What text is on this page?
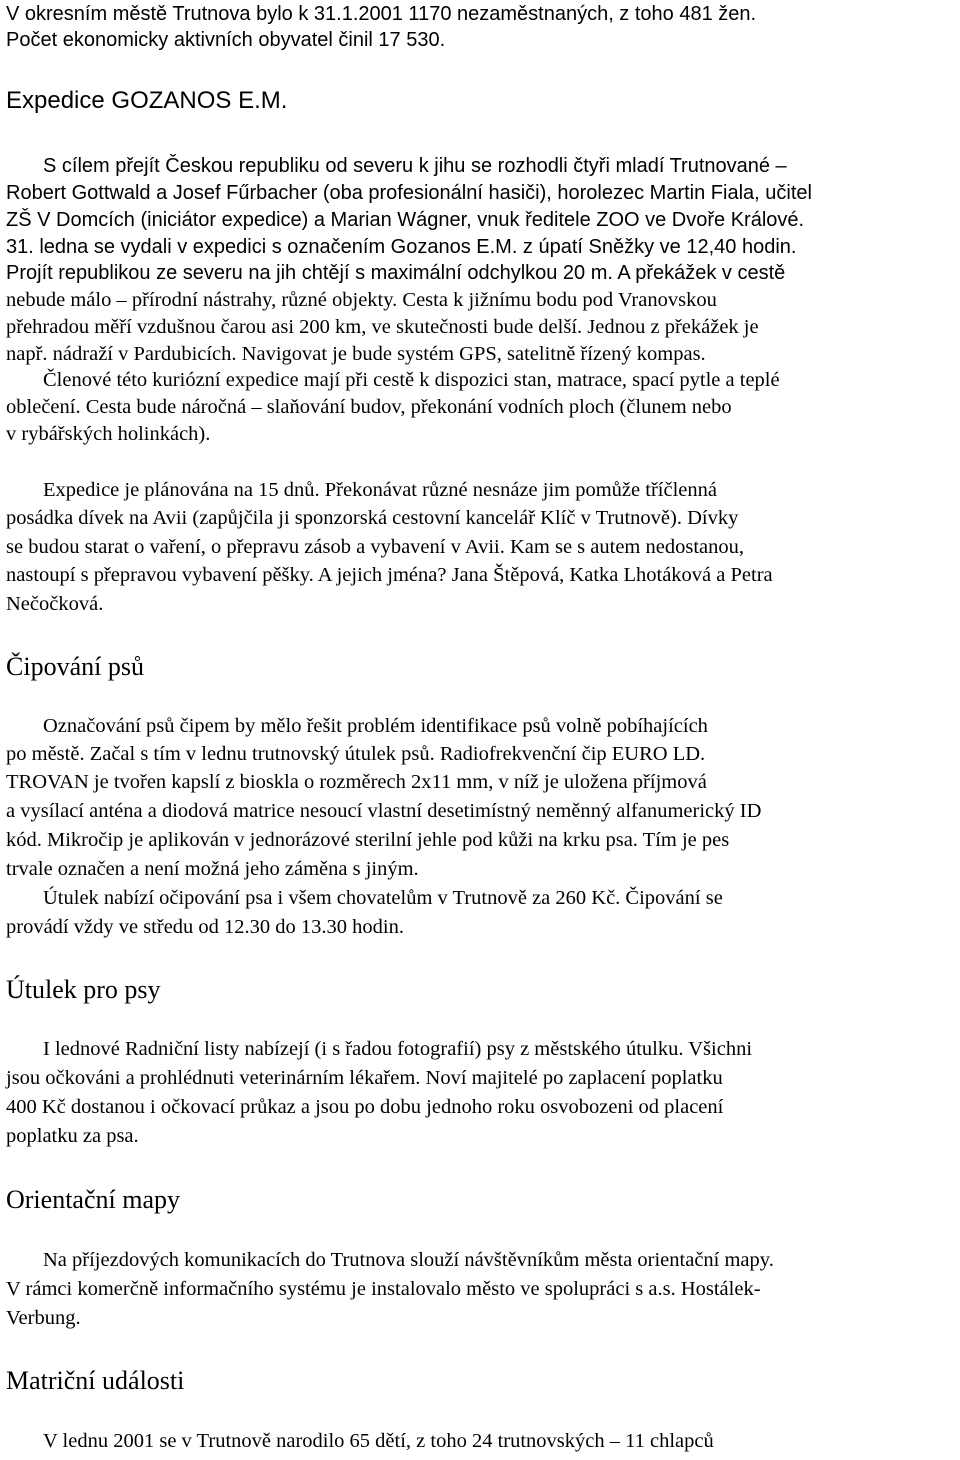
V okresním městě Trutnova bylo k 31.1.2001 1170 nezaměstnaných, z toho 481 žen.
Počet ekonomicky aktivních obyvatel činil 17 530.
Expedice GOZANOS E.M.
S cílem přejít Českou republiku od severu k jihu se rozhodli čtyři mladí Trutnované –
Robert Gottwald a Josef Fűrbacher (oba profesionální hasiči), horolezec Martin Fiala, učitel
ZŠ V Domcích (iniciátor expedice) a Marian Wágner, vnuk ředitele ZOO ve Dvoře Králové.
31. ledna se vydali v expedici s označením Gozanos E.M. z úpatí Sněžky ve 12,40 hodin.
Projít republikou ze severu na jih chtějí s maximální odchylkou 20 m. A překážek v cestě
nebude málo – přírodní nástrahy, různé objekty. Cesta k jižnímu bodu pod Vranovskou
přehradou měří vzdušnou čarou asi 200 km, ve skutečnosti bude delší. Jednou z překážek je
např. nádraží v Pardubicích. Navigovat je bude systém GPS, satelitně řízený kompas.
Členové této kuriózní expedice mají při cestě k dispozici stan, matrace, spací pytle a teplé
oblečení. Cesta bude náročná – slaňování budov, překonání vodních ploch (člunem nebo
v rybářských holinkách).
Expedice je plánována na 15 dnů. Překonávat různé nesnáze jim pomůže tříčlenná
posádka dívek na Avii (zapůjčila ji sponzorská cestovní kancelář Klíč v Trutnově). Dívky
se budou starat o vaření, o přepravu zásob a vybavení v Avii. Kam se s autem nedostanou,
nastoupí s přepravou vybavení pěšky. A jejich jména? Jana Štěpová, Katka Lhotáková a Petra
Nečočková.
Čipování psů
Označování psů čipem by mělo řešit problém identifikace psů volně pobíhajících
po městě. Začal s tím v lednu trutnovský útulek psů. Radiofrekvenční čip EURO LD.
TROVAN je tvořen kapslí z bioskla o rozměrech 2x11 mm, v níž je uložena příjmová
a vysílací anténa a diodová matrice nesoucí vlastní desetimístný neměnný alfanumerický ID
kód. Mikročip je aplikován v jednorázové sterilní jehle pod kůži na krku psa. Tím je pes
trvale označen a není možná jeho záměna s jiným.
Útulek nabízí očipování psa i všem chovatelům v Trutnově za 260 Kč. Čipování se
provádí vždy ve středu od 12.30 do 13.30 hodin.
Útulek pro psy
I lednové Radniční listy nabízejí (i s řadou fotografií) psy z městského útulku. Všichni
jsou očkováni a prohlédnuti veterinárním lékařem. Noví majitelé po zaplacení poplatku
400 Kč dostanou i očkovací průkaz a jsou po dobu jednoho roku osvobozeni od placení
poplatku za psa.
Orientační mapy
Na příjezdových komunikacích do Trutnova slouží návštěvníkům města orientační mapy.
V rámci komerčně informačního systému je instalovalo město ve spolupráci s a.s. Hostálek-
Verbung.
Matriční události
V lednu 2001 se v Trutnově narodilo 65 dětí, z toho 24 trutnovských – 11 chlapců
